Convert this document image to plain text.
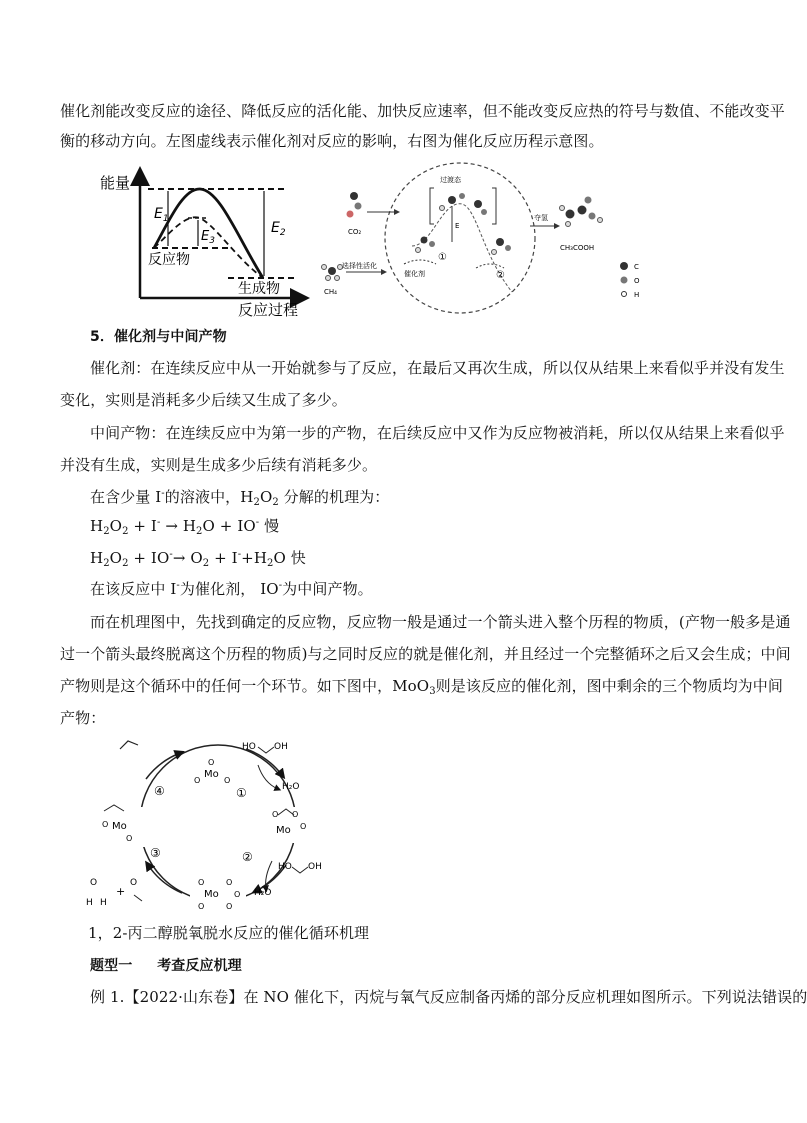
催化剂能改变反应的途径、降低反应的活化能、加快反应速率，但不能改变反应热的符号与数值、不能改变平
衡的移动方向。左图虚线表示催化剂对反应的影响，右图为催化反应历程示意图。
能量
反应过程
$E_1$
$E_3$
$E_2$
反应物
生成物
CO₂
CH₄
选择性活化
过渡态
E
催化剂
①
②
夺氢
CH₃COOH
C
O
H
5．催化剂与中间产物
催化剂：在连续反应中从一开始就参与了反应，在最后又再次生成，所以仅从结果上来看似乎并没有发生
变化，实则是消耗多少后续又生成了多少。
中间产物：在连续反应中为第一步的产物，在后续反应中又作为反应物被消耗，所以仅从结果上来看似乎
并没有生成，实则是生成多少后续有消耗多少。
在含少量 I-的溶液中，$H_2O_2$ 分解的机理为：
$H_2O_2 + I^- \to H_2O + IO^-$ 慢
$H_2O_2 + IO^-\to O_2 + I^-+H_2O$ 快
在该反应中 I-为催化剂， IO-为中间产物。
而在机理图中，先找到确定的反应物，反应物一般是通过一个箭头进入整个历程的物质，(产物一般多是通
过一个箭头最终脱离这个历程的物质)与之同时反应的就是催化剂，并且经过一个完整循环之后又会生成；中间
产物则是这个循环中的任何一个环节。如下图中，MoO$_3$则是该反应的催化剂，图中剩余的三个物质均为中间
产物：
Mo
O
O	O
O O
Mo O
O	O
Mo
O	O
O
O Mo
O
HO OH
H₂O
HO OH
H₂O
O
H H
+
O
①
②
③
④
1，2-丙二醇脱氧脱水反应的催化循环机理
题型一 考查反应机理
例 1.【2022·山东卷】在 NO 催化下，丙烷与氧气反应制备丙烯的部分反应机理如图所示。下列说法错误的
